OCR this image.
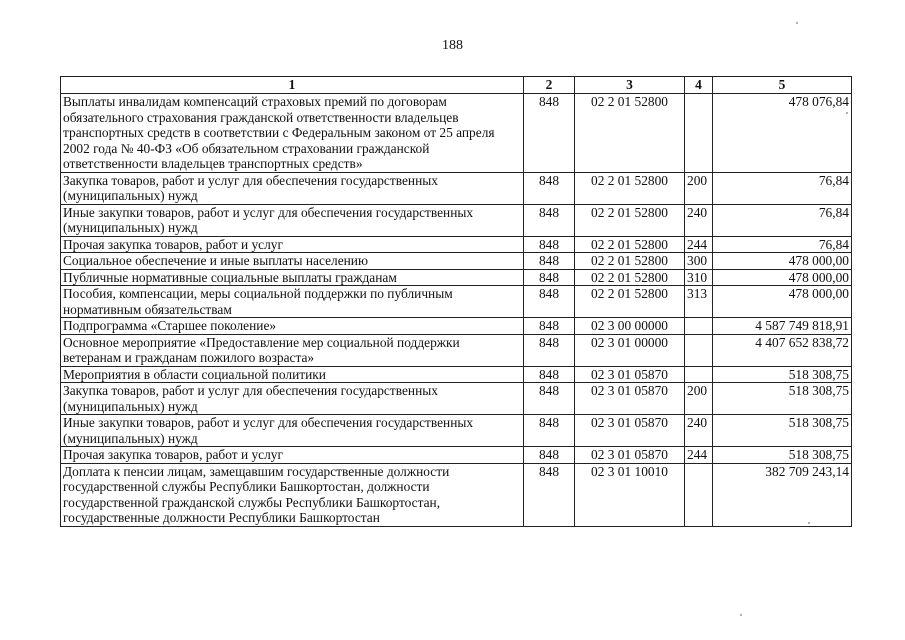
188
1	2	3	4	5
Выплаты инвалидам компенсаций страховых премий по договорам обязательного страхования гражданской ответственности владельцев транспортных средств в соответствии с Федеральным законом от 25 апреля 2002 года № 40-ФЗ «Об обязательном страховании гражданской ответственности владельцев транспортных средств»	848	02 2 01 52800		478 076,84
Закупка товаров, работ и услуг для обеспечения государственных (муниципальных) нужд	848	02 2 01 52800	200	76,84
Иные закупки товаров, работ и услуг для обеспечения государственных (муниципальных) нужд	848	02 2 01 52800	240	76,84
Прочая закупка товаров, работ и услуг	848	02 2 01 52800	244	76,84
Социальное обеспечение и иные выплаты населению	848	02 2 01 52800	300	478 000,00
Публичные нормативные социальные выплаты гражданам	848	02 2 01 52800	310	478 000,00
Пособия, компенсации, меры социальной поддержки по публичным нормативным обязательствам	848	02 2 01 52800	313	478 000,00
Подпрограмма «Старшее поколение»	848	02 3 00 00000		4 587 749 818,91
Основное мероприятие «Предоставление мер социальной поддержки ветеранам и гражданам пожилого возраста»	848	02 3 01 00000		4 407 652 838,72
Мероприятия в области социальной политики	848	02 3 01 05870		518 308,75
Закупка товаров, работ и услуг для обеспечения государственных (муниципальных) нужд	848	02 3 01 05870	200	518 308,75
Иные закупки товаров, работ и услуг для обеспечения государственных (муниципальных) нужд	848	02 3 01 05870	240	518 308,75
Прочая закупка товаров, работ и услуг	848	02 3 01 05870	244	518 308,75
Доплата к пенсии лицам, замещавшим государственные должности государственной службы Республики Башкортостан, должности государственной гражданской службы Республики Башкортостан, государственные должности Республики Башкортостан	848	02 3 01 10010		382 709 243,14
